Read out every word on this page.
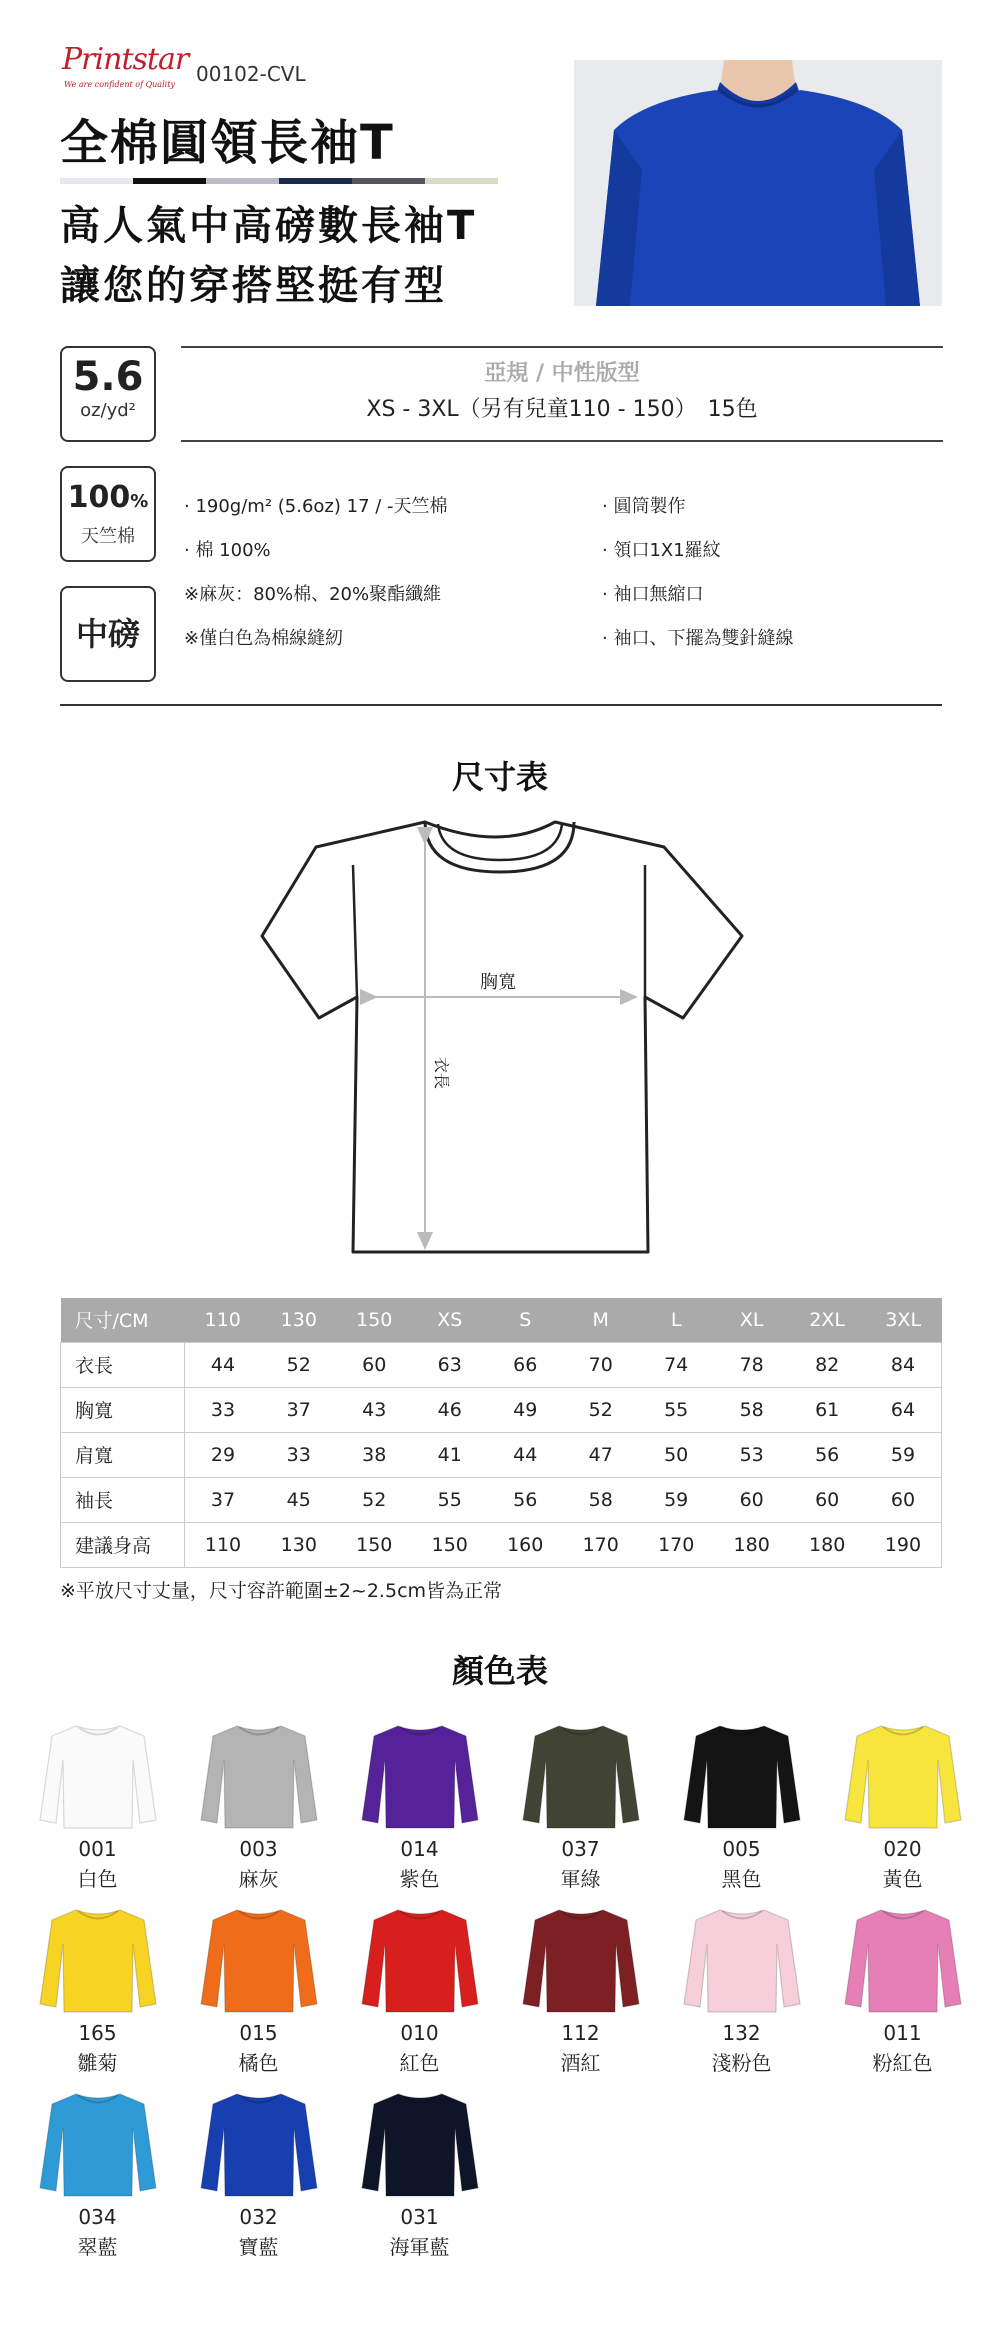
Printstar
We are confident of Quality 00102-CVL
全棉圓領長袖T
高人氣中高磅數長袖T
讓您的穿搭堅挺有型
5.6
oz/yd²
亞規 / 中性版型
XS - 3XL（另有兒童110 - 150）　15色
100%
天竺棉
中磅
· 190g/m² (5.6oz) 17 / -天竺棉
· 棉 100%
※麻灰：80%棉、20%聚酯纖維
※僅白色為棉線縫紉
· 圓筒製作
· 領口1X1羅紋
· 袖口無縮口
· 袖口、下擺為雙針縫線
尺寸表
胸寬
衣長
尺寸/CM	110	130	150	XS	S	M	L	XL	2XL	3XL
衣長	44	52	60	63	66	70	74	78	82	84
胸寬	33	37	43	46	49	52	55	58	61	64
肩寬	29	33	38	41	44	47	50	53	56	59
袖長	37	45	52	55	56	58	59	60	60	60
建議身高	110	130	150	150	160	170	170	180	180	190
※平放尺寸丈量，尺寸容許範圍±2~2.5cm皆為正常
顏色表
001
白色
003
麻灰
014
紫色
037
軍綠
005
黑色
020
黃色
165
雛菊
015
橘色
010
紅色
112
酒紅
132
淺粉色
011
粉紅色
034
翠藍
032
寶藍
031
海軍藍
